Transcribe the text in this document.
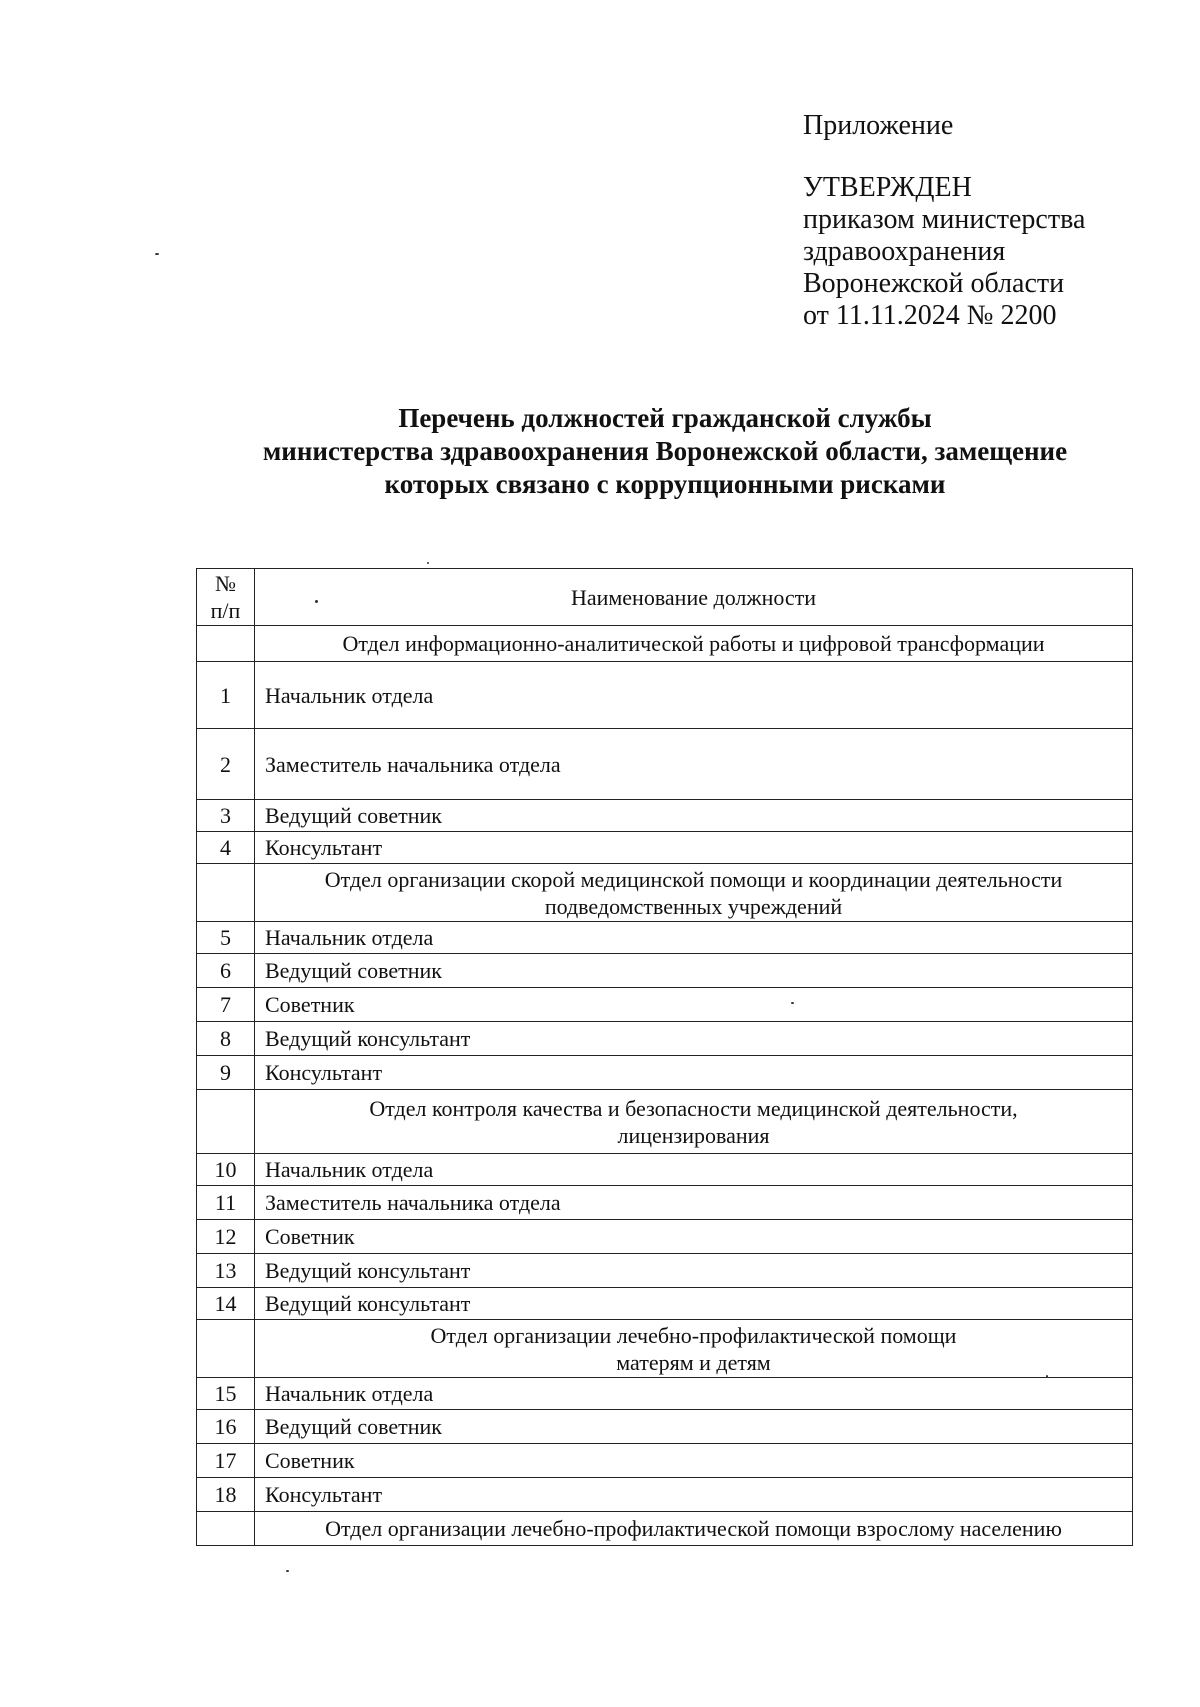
Приложение
УТВЕРЖДЕН
приказом министерства
здравоохранения
Воронежской области
от 11.11.2024 № 2200
Перечень должностей гражданской службы
министерства здравоохранения Воронежской области, замещение
которых связано с коррупционными рисками
№
п/п	Наименование должности

	Отдел информационно-аналитической работы и цифровой трансформации

1	Начальник отдела
2	Заместитель начальника отдела
3	Ведущий советник
4	Консультант

	Отдел организации скорой медицинской помощи и координации деятельности
подведомственных учреждений

5	Начальник отдела
6	Ведущий советник
7	Советник
8	Ведущий консультант
9	Консультант

	Отдел контроля качества и безопасности медицинской деятельности,
лицензирования

10	Начальник отдела
11	Заместитель начальника отдела
12	Советник
13	Ведущий консультант
14	Ведущий консультант

	Отдел организации лечебно-профилактической помощи
матерям и детям

15	Начальник отдела
16	Ведущий советник
17	Советник
18	Консультант

	Отдел организации лечебно-профилактической помощи взрослому населению
